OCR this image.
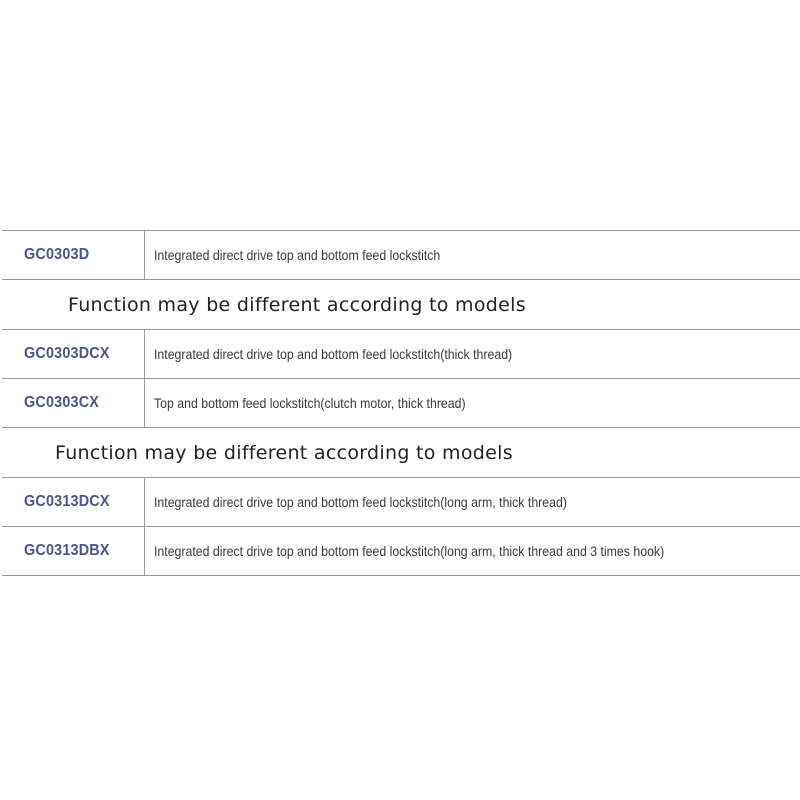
GC0303D	Integrated direct drive top and bottom feed lockstitch
Function may be different according to models
GC0303DCX	Integrated direct drive top and bottom feed lockstitch(thick thread)
GC0303CX	Top and bottom feed lockstitch(clutch motor, thick thread)
Function may be different according to models
GC0313DCX	Integrated direct drive top and bottom feed lockstitch(long arm, thick thread)
GC0313DBX	Integrated direct drive top and bottom feed lockstitch(long arm, thick thread and 3 times hook)
